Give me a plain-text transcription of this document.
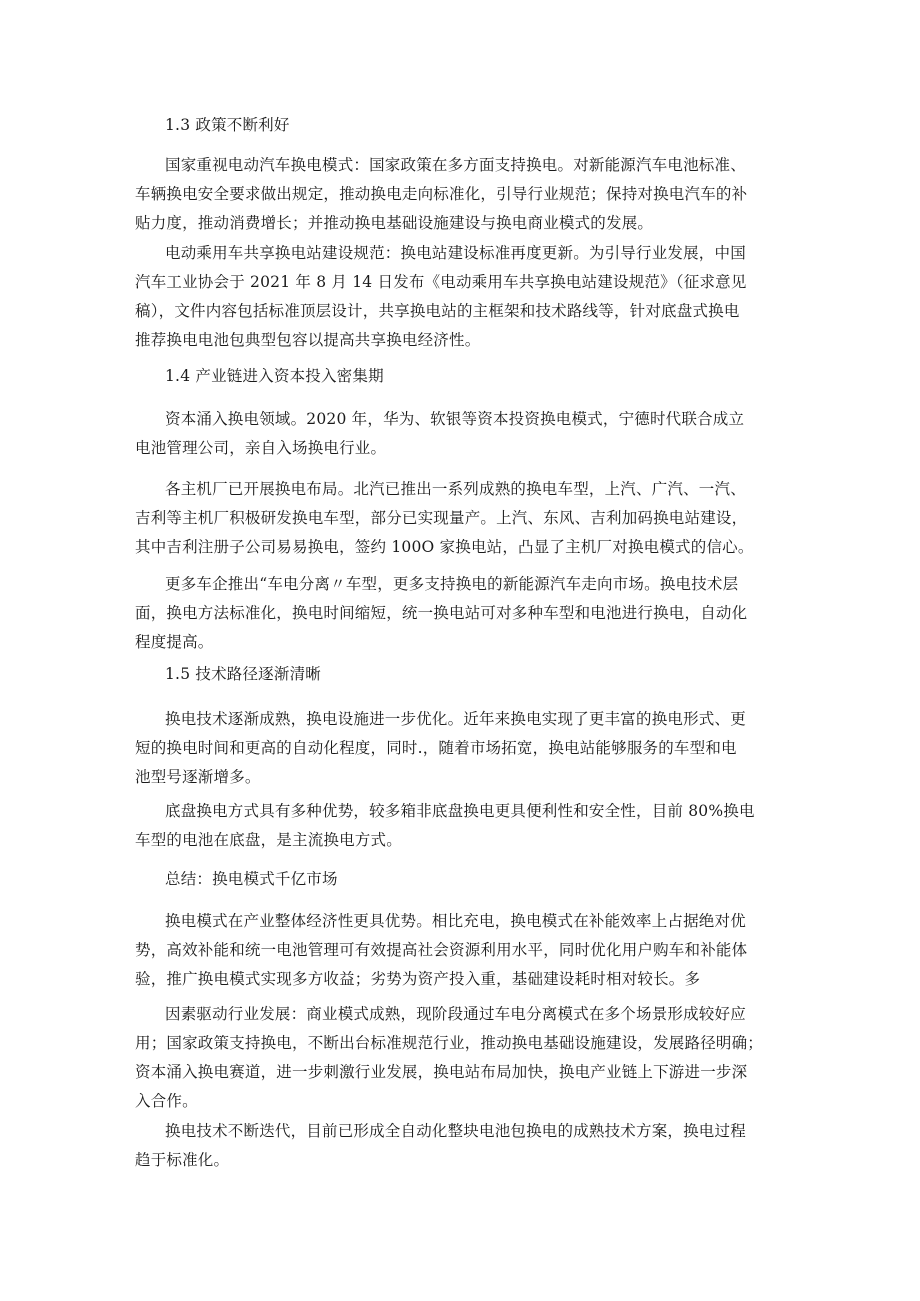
1.3 政策不断利好
国家重视电动汽车换电模式：国家政策在多方面支持换电。对新能源汽车电池标准、
车辆换电安全要求做出规定，推动换电走向标准化，引导行业规范；保持对换电汽车的补
贴力度，推动消费增长；并推动换电基础设施建设与换电商业模式的发展。
电动乘用车共享换电站建设规范：换电站建设标准再度更新。为引导行业发展，中国
汽车工业协会于 2021 年 8 月 14 日发布《电动乘用车共享换电站建设规范》（征求意见
稿），文件内容包括标准顶层设计，共享换电站的主框架和技术路线等，针对底盘式换电
推荐换电电池包典型包容以提高共享换电经济性。
1.4 产业链进入资本投入密集期
资本涌入换电领域。2020 年，华为、软银等资本投资换电模式，宁德时代联合成立
电池管理公司，亲自入场换电行业。
各主机厂已开展换电布局。北汽已推出一系列成熟的换电车型，上汽、广汽、一汽、
吉利等主机厂积极研发换电车型，部分已实现量产。上汽、东风、吉利加码换电站建设，
其中吉利注册子公司易易换电，签约 100O 家换电站，凸显了主机厂对换电模式的信心。
更多车企推出“车电分离〃车型，更多支持换电的新能源汽车走向市场。换电技术层
面，换电方法标准化，换电时间缩短，统一换电站可对多种车型和电池进行换电，自动化
程度提高。
1.5 技术路径逐渐清晰
换电技术逐渐成熟，换电设施进一步优化。近年来换电实现了更丰富的换电形式、更
短的换电时间和更高的自动化程度，同时.，随着市场拓宽，换电站能够服务的车型和电
池型号逐渐增多。
底盘换电方式具有多种优势，较多箱非底盘换电更具便利性和安全性，目前 80%换电
车型的电池在底盘，是主流换电方式。
总结：换电模式千亿市场
换电模式在产业整体经济性更具优势。相比充电，换电模式在补能效率上占据绝对优
势，高效补能和统一电池管理可有效提高社会资源利用水平，同时优化用户购车和补能体
验，推广换电模式实现多方收益；劣势为资产投入重，基础建设耗时相对较长。多
因素驱动行业发展：商业模式成熟，现阶段通过车电分离模式在多个场景形成较好应
用；国家政策支持换电，不断出台标准规范行业，推动换电基础设施建设，发展路径明确；
资本涌入换电赛道，进一步刺激行业发展，换电站布局加快，换电产业链上下游进一步深
入合作。
换电技术不断迭代，目前已形成全自动化整块电池包换电的成熟技术方案，换电过程
趋于标准化。
